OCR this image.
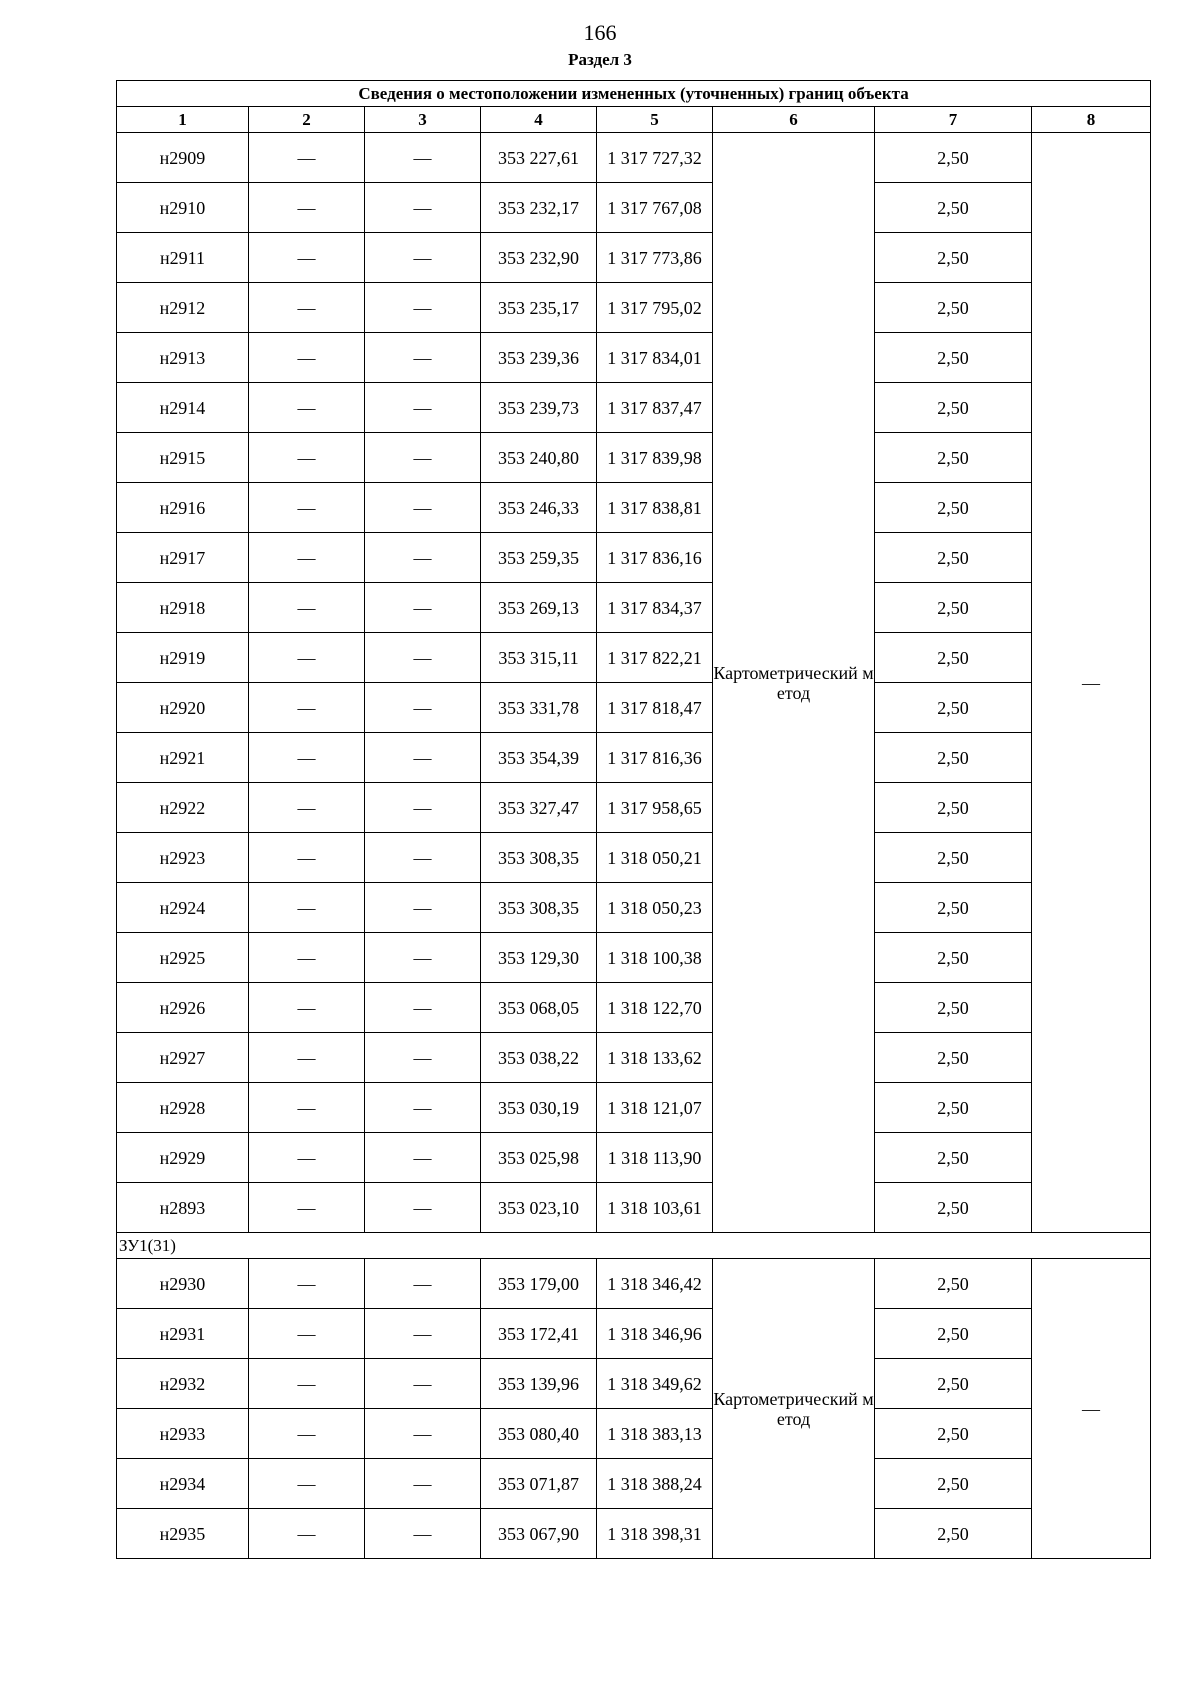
166
Раздел 3
Сведения о местоположении измененных (уточненных) границ объекта							
1	2	3	4	5	6	7	8
н2909	—	—	353 227,61	1 317 727,32	Картометрический метод	2,50	—
н2910	—	—	353 232,17	1 317 767,08		2,50	
н2911	—	—	353 232,90	1 317 773,86		2,50	
н2912	—	—	353 235,17	1 317 795,02		2,50	
н2913	—	—	353 239,36	1 317 834,01		2,50	
н2914	—	—	353 239,73	1 317 837,47		2,50	
н2915	—	—	353 240,80	1 317 839,98		2,50	
н2916	—	—	353 246,33	1 317 838,81		2,50	
н2917	—	—	353 259,35	1 317 836,16		2,50	
н2918	—	—	353 269,13	1 317 834,37		2,50	
н2919	—	—	353 315,11	1 317 822,21		2,50	
н2920	—	—	353 331,78	1 317 818,47		2,50	
н2921	—	—	353 354,39	1 317 816,36		2,50	
н2922	—	—	353 327,47	1 317 958,65		2,50	
н2923	—	—	353 308,35	1 318 050,21		2,50	
н2924	—	—	353 308,35	1 318 050,23		2,50	
н2925	—	—	353 129,30	1 318 100,38		2,50	
н2926	—	—	353 068,05	1 318 122,70		2,50	
н2927	—	—	353 038,22	1 318 133,62		2,50	
н2928	—	—	353 030,19	1 318 121,07		2,50	
н2929	—	—	353 025,98	1 318 113,90		2,50	
н2893	—	—	353 023,10	1 318 103,61		2,50	
ЗУ1(31)							
н2930	—	—	353 179,00	1 318 346,42	Картометрический метод	2,50	—
н2931	—	—	353 172,41	1 318 346,96		2,50	
н2932	—	—	353 139,96	1 318 349,62		2,50	
н2933	—	—	353 080,40	1 318 383,13		2,50	
н2934	—	—	353 071,87	1 318 388,24		2,50	
н2935	—	—	353 067,90	1 318 398,31		2,50	
